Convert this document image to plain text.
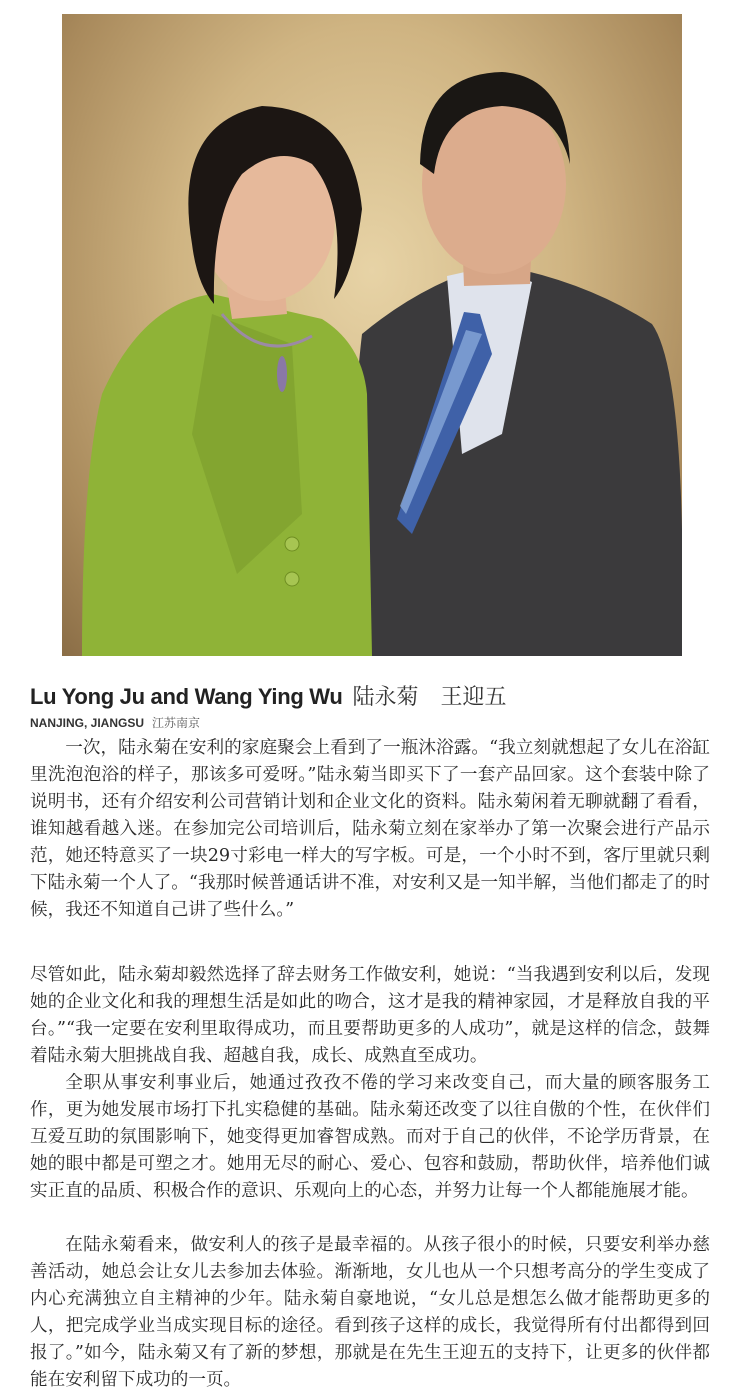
Lu Yong Ju and Wang Ying Wu 陆永菊　王迎五
NANJING, JIANGSU 江苏南京

一次，陆永菊在安利的家庭聚会上看到了一瓶沐浴露。“我立刻就想起了女儿在浴缸里洗泡泡浴的样子，那该多可爱呀。”陆永菊当即买下了一套产品回家。这个套装中除了说明书，还有介绍安利公司营销计划和企业文化的资料。陆永菊闲着无聊就翻了看看，谁知越看越入迷。在参加完公司培训后，陆永菊立刻在家举办了第一次聚会进行产品示范，她还特意买了一块29寸彩电一样大的写字板。可是，一个小时不到，客厅里就只剩下陆永菊一个人了。“我那时候普通话讲不准，对安利又是一知半解，当他们都走了的时候，我还不知道自己讲了些什么。”

尽管如此，陆永菊却毅然选择了辞去财务工作做安利，她说：“当我遇到安利以后，发现她的企业文化和我的理想生活是如此的吻合，这才是我的精神家园，才是释放自我的平台。”“我一定要在安利里取得成功，而且要帮助更多的人成功”，就是这样的信念，鼓舞着陆永菊大胆挑战自我、超越自我，成长、成熟直至成功。

全职从事安利事业后，她通过孜孜不倦的学习来改变自己，而大量的顾客服务工作，更为她发展市场打下扎实稳健的基础。陆永菊还改变了以往自傲的个性，在伙伴们互爱互助的氛围影响下，她变得更加睿智成熟。而对于自己的伙伴，不论学历背景，在她的眼中都是可塑之才。她用无尽的耐心、爱心、包容和鼓励，帮助伙伴，培养他们诚实正直的品质、积极合作的意识、乐观向上的心态，并努力让每一个人都能施展才能。

在陆永菊看来，做安利人的孩子是最幸福的。从孩子很小的时候，只要安利举办慈善活动，她总会让女儿去参加去体验。渐渐地，女儿也从一个只想考高分的学生变成了内心充满独立自主精神的少年。陆永菊自豪地说，“女儿总是想怎么做才能帮助更多的人，把完成学业当成实现目标的途径。看到孩子这样的成长，我觉得所有付出都得到回报了。”如今，陆永菊又有了新的梦想，那就是在先生王迎五的支持下，让更多的伙伴都能在安利留下成功的一页。
